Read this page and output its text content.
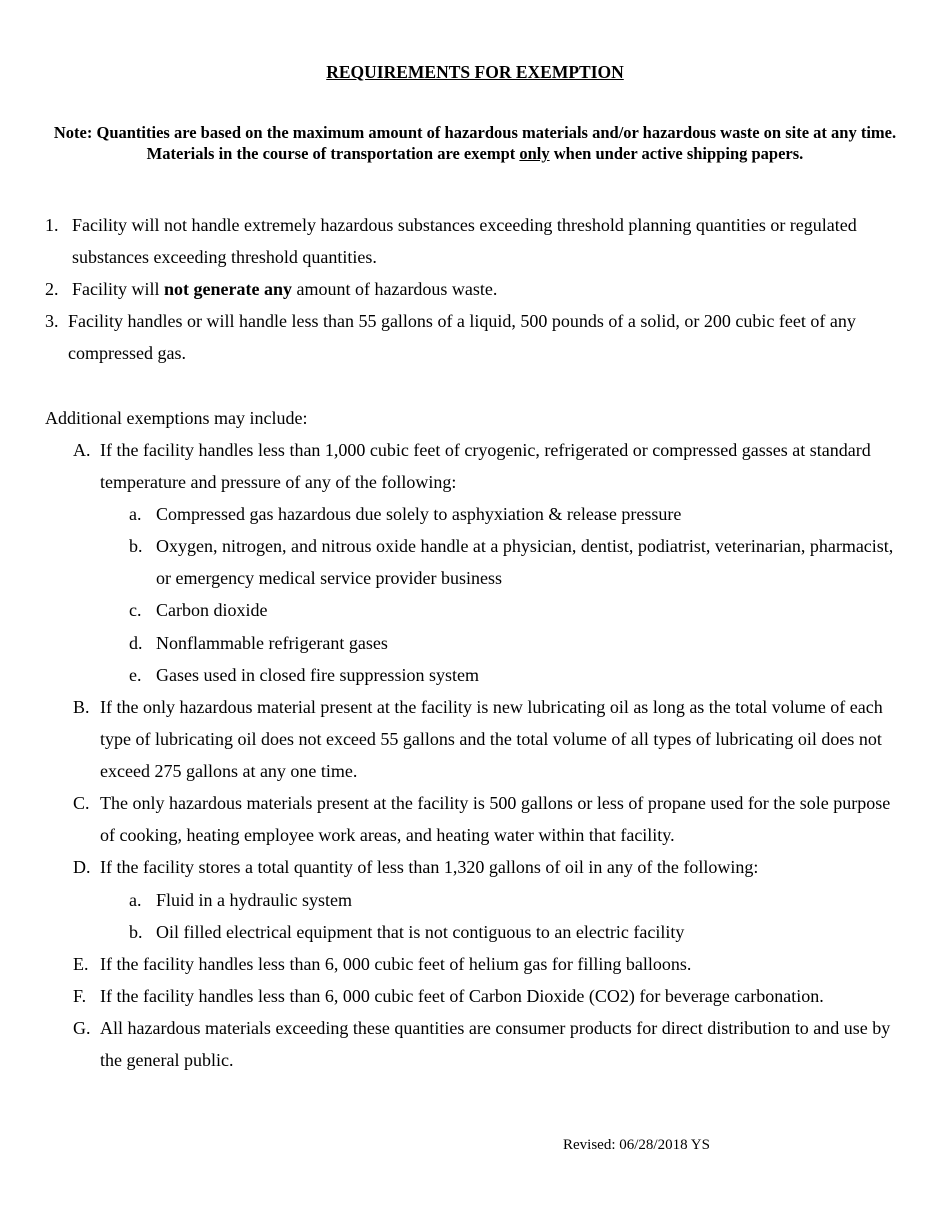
REQUIREMENTS FOR EXEMPTION
Note: Quantities are based on the maximum amount of hazardous materials and/or hazardous waste on site at any time. Materials in the course of transportation are exempt only when under active shipping papers.
1. Facility will not handle extremely hazardous substances exceeding threshold planning quantities or regulated substances exceeding threshold quantities.
2. Facility will not generate any amount of hazardous waste.
3. Facility handles or will handle less than 55 gallons of a liquid, 500 pounds of a solid, or 200 cubic feet of any compressed gas.
Additional exemptions may include:
A. If the facility handles less than 1,000 cubic feet of cryogenic, refrigerated or compressed gasses at standard temperature and pressure of any of the following:
a. Compressed gas hazardous due solely to asphyxiation & release pressure
b. Oxygen, nitrogen, and nitrous oxide handle at a physician, dentist, podiatrist, veterinarian, pharmacist, or emergency medical service provider business
c. Carbon dioxide
d. Nonflammable refrigerant gases
e. Gases used in closed fire suppression system
B. If the only hazardous material present at the facility is new lubricating oil as long as the total volume of each type of lubricating oil does not exceed 55 gallons and the total volume of all types of lubricating oil does not exceed 275 gallons at any one time.
C. The only hazardous materials present at the facility is 500 gallons or less of propane used for the sole purpose of cooking, heating employee work areas, and heating water within that facility.
D. If the facility stores a total quantity of less than 1,320 gallons of oil in any of the following:
a. Fluid in a hydraulic system
b. Oil filled electrical equipment that is not contiguous to an electric facility
E. If the facility handles less than 6, 000 cubic feet of helium gas for filling balloons.
F. If the facility handles less than 6, 000 cubic feet of Carbon Dioxide (CO2) for beverage carbonation.
G. All hazardous materials exceeding these quantities are consumer products for direct distribution to and use by the general public.
Revised: 06/28/2018 YS
